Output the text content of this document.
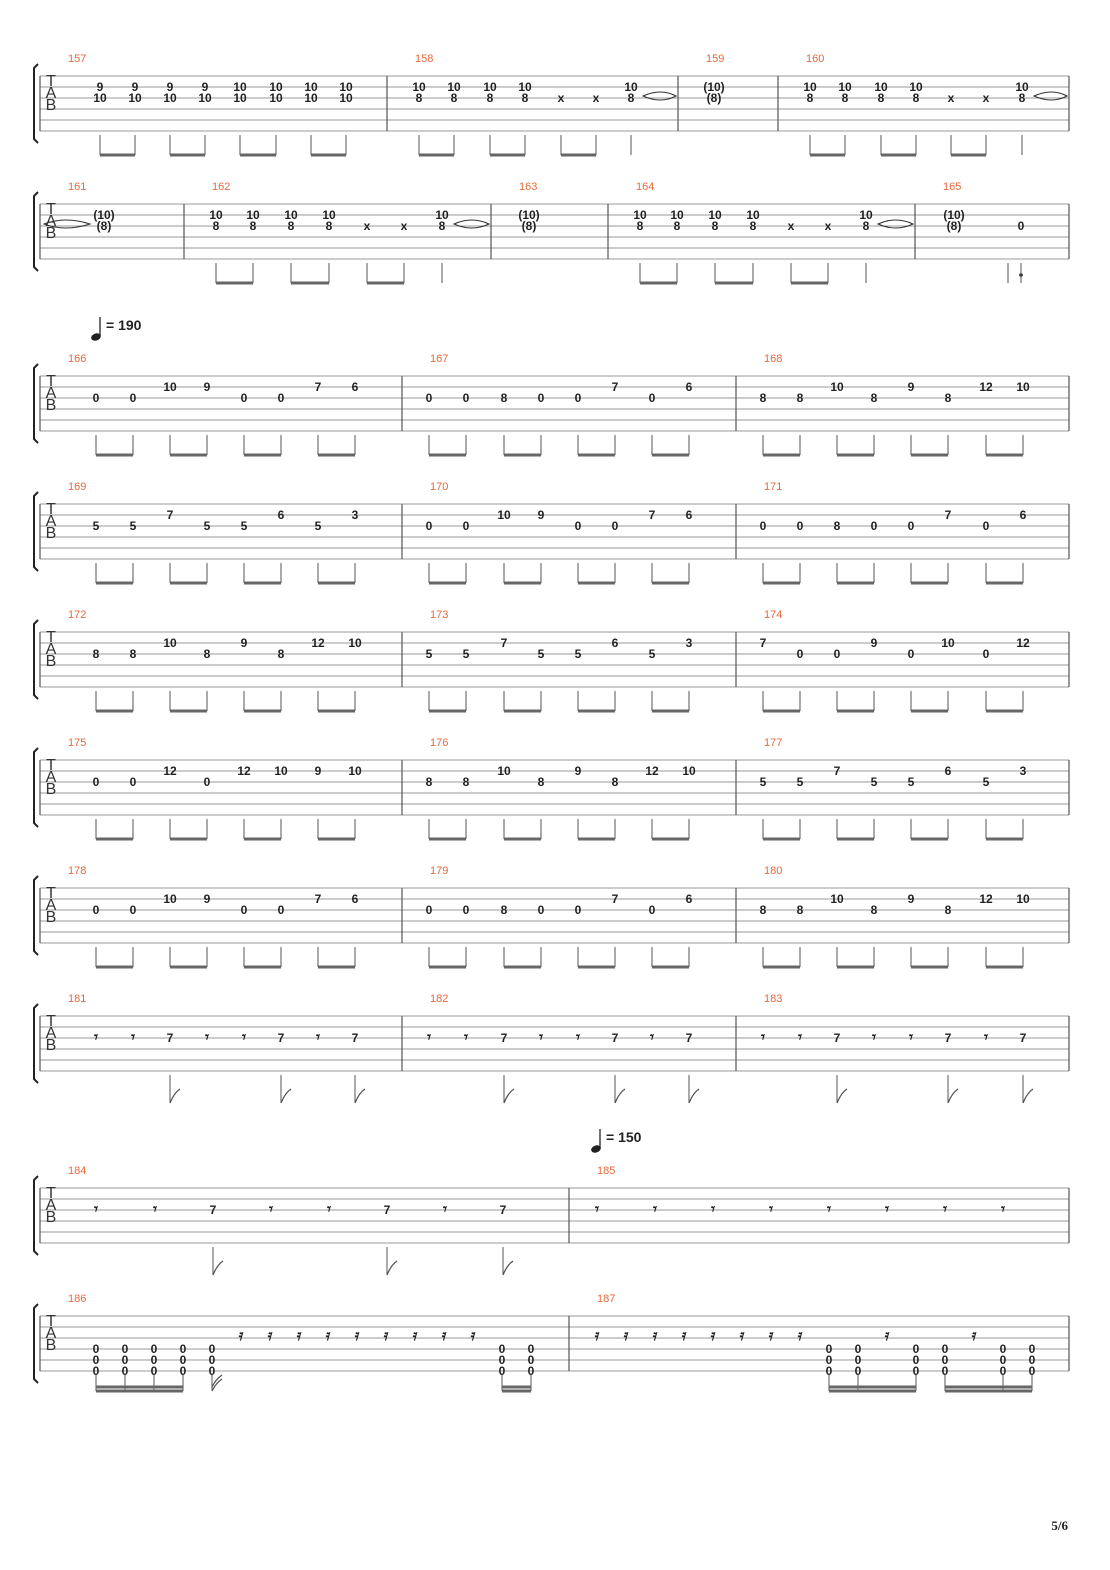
T
A
B
157
9
10
9
10
9
10
9
10
10
10
10
10
10
10
10
10
158
10
8
10
8
10
8
10
8 x x
10
8
159
(10)
(8)
160
10
8
10
8
10
8
10
8 x x
10
8
T
A
B
161
(10)
(8)
162
10
8
10
8
10
8
10
8	x	x
10
8
163
(10)
(8)
164
10
8
10
8
10
8
10
8	x	x
10
8
165
(10)
(8)	0
T
A
B
= 190
166
0	0
10 9
0	0
7	6
167
0	0	8	0	0
7
0
6
168
8	8
10
8
9
8
12 10
T
A
B
169
5	5
7
5	5
6
5
3
170
0	0
10 9
0	0
7	6
171
0	0	8	0	0
7
0
6
T
A
B
172
8	8
10
8
9
8
12 10
173
5	5
7
5	5
6
5
3
174
7
0	0
9
0
10
0
12
T
A
B
175
0	0
12
0
12 10 9 10
176
8	8
10
8
9
8
12 10
177
5	5
7
5	5
6
5
3
T
A
B
178
0	0
10 9
0	0
7	6
179
0	0	8	0	0
7
0
6
180
8	8
10
8
9
8
12 10
T
A
B
181
𝄾 𝄾	7 𝄾 𝄾	7 𝄾	7
182
𝄾 𝄾	7 𝄾 𝄾	7 𝄾	7
183
𝄾 𝄾	7 𝄾 𝄾	7 𝄾	7
T
A
B
= 150
184
𝄾	𝄾	7	𝄾	𝄾	7	𝄾	7
185
𝄾	𝄾	𝄾	𝄾	𝄾	𝄾	𝄾	𝄾
T
A
B
186
0
0
0
0
0
0
0
0
0
0
0
0
0
0
0
𝄿 𝄿 𝄿 𝄿 𝄿 𝄿 𝄿 𝄿 𝄿
0
0
0
0
0
0
187
𝄿 𝄿 𝄿 𝄿 𝄿 𝄿 𝄿 𝄿
0
0
0
0
0
0
𝄿
0
0
0
0
0
0
𝄿
0
0
0
0
0
0
5/6
